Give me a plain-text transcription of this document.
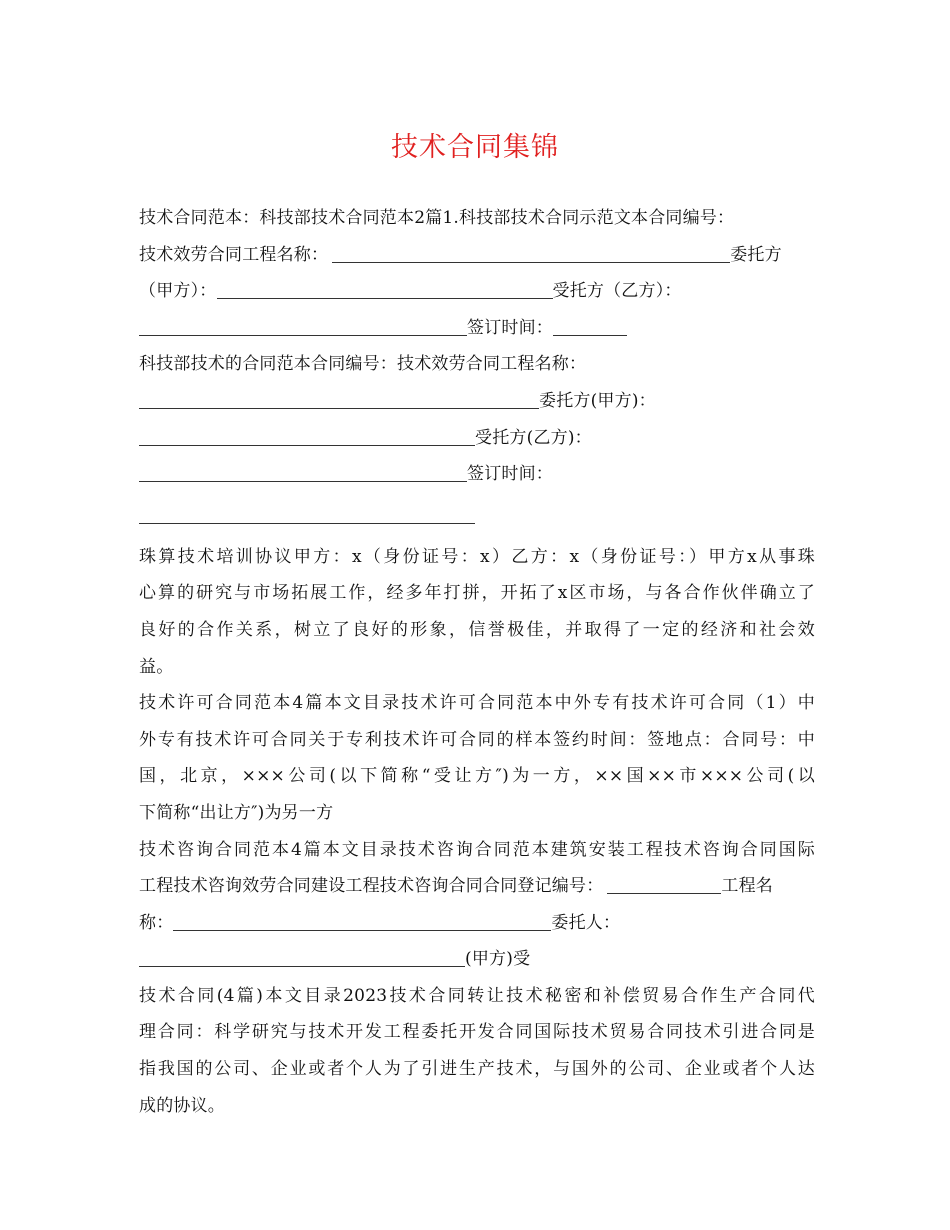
技术合同集锦
技术合同范本：科技部技术合同范本2篇1.科技部技术合同示范文本合同编号：
技术效劳合同工程名称：	委托方
（甲方）：	受托方（乙方）：
签订时间：
科技部技术的合同范本合同编号：技术效劳合同工程名称：
委托方(甲方)：
受托方(乙方)：
签订时间：
珠算技术培训协议甲方：x（身份证号：x）乙方：x（身份证号：）甲方x从事珠
心算的研究与市场拓展工作，经多年打拼，开拓了x区市场，与各合作伙伴确立了
良好的合作关系，树立了良好的形象，信誉极佳，并取得了一定的经济和社会效
益。
技术许可合同范本4篇本文目录技术许可合同范本中外专有技术许可合同（1）中
外专有技术许可合同关于专利技术许可合同的样本签约时间：签地点：合同号：中
国，北京，×××公司(以下简称“受让方″)为一方，××国××市×××公司(以
下简称“出让方″)为另一方
技术咨询合同范本4篇本文目录技术咨询合同范本建筑安装工程技术咨询合同国际
工程技术咨询效劳合同建设工程技术咨询合同合同登记编号：	工程名
称：	委托人：
(甲方)受
技术合同(4篇)本文目录2023技术合同转让技术秘密和补偿贸易合作生产合同代
理合同：科学研究与技术开发工程委托开发合同国际技术贸易合同技术引进合同是
指我国的公司、企业或者个人为了引进生产技术，与国外的公司、企业或者个人达
成的协议。
